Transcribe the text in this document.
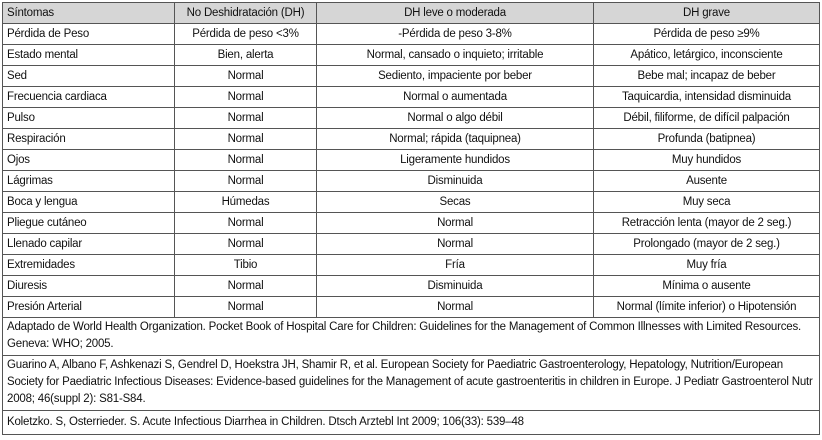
Síntomas	No Deshidratación (DH)	DH leve o moderada	DH grave
Pérdida de Peso	Pérdida de peso <3%	-Pérdida de peso 3-8%	Pérdida de peso ≥9%
Estado mental	Bien, alerta	Normal, cansado o inquieto; irritable	Apático, letárgico, inconsciente
Sed	Normal	Sediento, impaciente por beber	Bebe mal; incapaz de beber
Frecuencia cardiaca	Normal	Normal o aumentada	Taquicardia, intensidad disminuida
Pulso	Normal	Normal o algo débil	Débil, filiforme, de difícil palpación
Respiración	Normal	Normal; rápida (taquipnea)	Profunda (batipnea)
Ojos	Normal	Ligeramente hundidos	Muy hundidos
Lágrimas	Normal	Disminuida	Ausente
Boca y lengua	Húmedas	Secas	Muy seca
Pliegue cutáneo	Normal	Normal	Retracción lenta (mayor de 2 seg.)
Llenado capilar	Normal	Normal	Prolongado (mayor de 2 seg.)
Extremidades	Tibio	Fría	Muy fría
Diuresis	Normal	Disminuida	Mínima o ausente
Presión Arterial	Normal	Normal	Normal (límite inferior) o Hipotensión
Adaptado de World Health Organization. Pocket Book of Hospital Care for Children: Guidelines for the Management of Common Illnesses with Limited Resources. Geneva: WHO; 2005.			
Guarino A, Albano F, Ashkenazi S, Gendrel D, Hoekstra JH, Shamir R, et al. European Society for Paediatric Gastroenterology, Hepatology, Nutrition/European Society for Paediatric Infectious Diseases: Evidence-based guidelines for the Management of acute gastroenteritis in children in Europe. J Pediatr Gastroenterol Nutr 2008; 46(suppl 2): S81-S84.			
Koletzko. S, Osterrieder. S. Acute Infectious Diarrhea in Children. Dtsch Arztebl Int 2009; 106(33): 539–48			
